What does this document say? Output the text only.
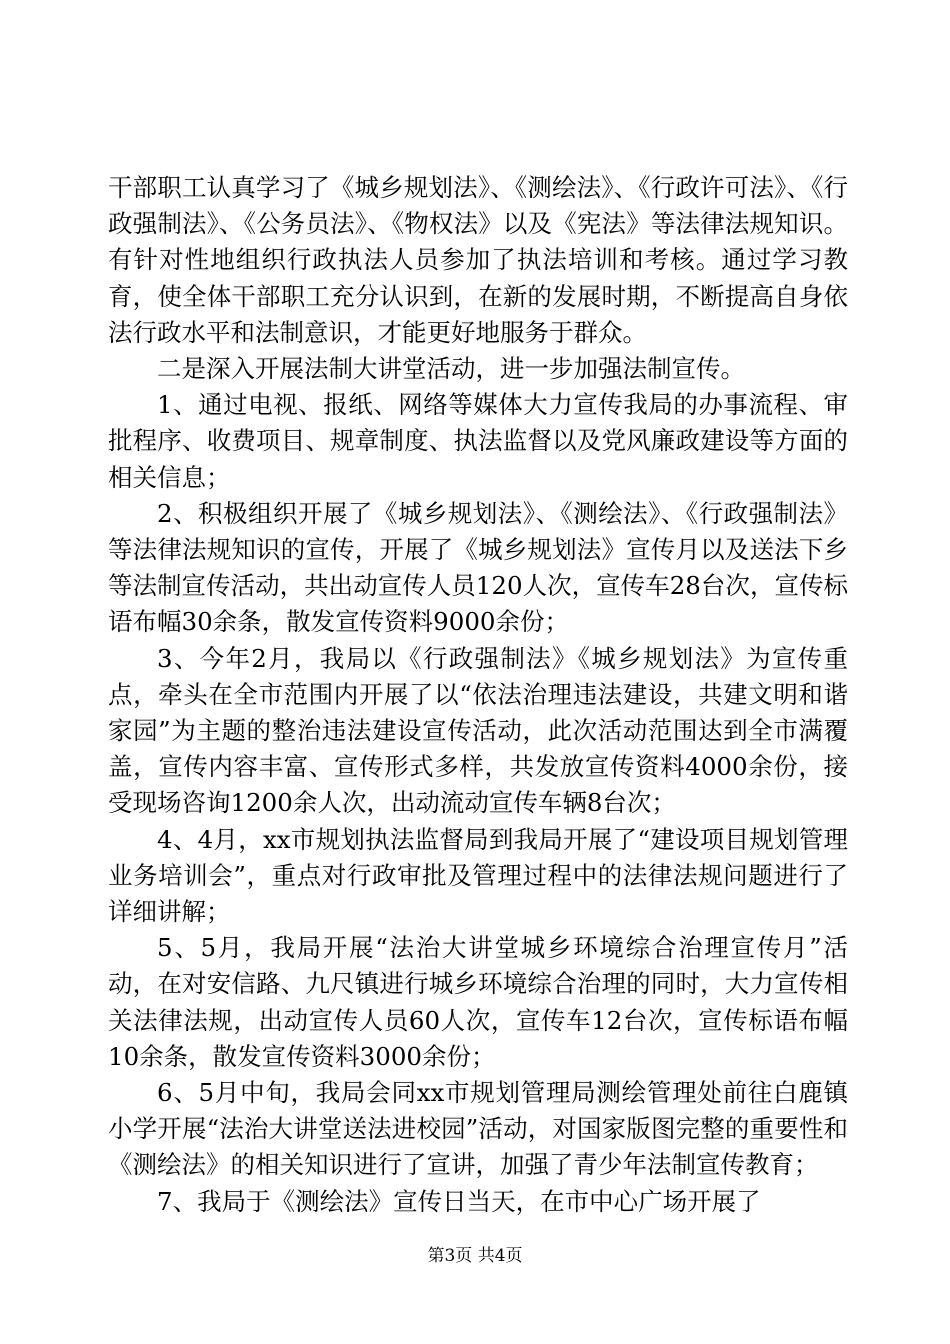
干部职工认真学习了《城乡规划法》、《测绘法》、《行政许可法》、《行政强制法》、《公务员法》、《物权法》以及《宪法》等法律法规知识。有针对性地组织行政执法人员参加了执法培训和考核。通过学习教育，使全体干部职工充分认识到，在新的发展时期，不断提高自身依法行政水平和法制意识，才能更好地服务于群众。

二是深入开展法制大讲堂活动，进一步加强法制宣传。

1、通过电视、报纸、网络等媒体大力宣传我局的办事流程、审批程序、收费项目、规章制度、执法监督以及党风廉政建设等方面的相关信息；

2、积极组织开展了《城乡规划法》、《测绘法》、《行政强制法》等法律法规知识的宣传，开展了《城乡规划法》宣传月以及送法下乡等法制宣传活动，共出动宣传人员120人次，宣传车28台次，宣传标语布幅30余条，散发宣传资料9000余份；

3、今年2月，我局以《行政强制法》《城乡规划法》为宣传重点，牵头在全市范围内开展了以“依法治理违法建设，共建文明和谐家园”为主题的整治违法建设宣传活动，此次活动范围达到全市满覆盖，宣传内容丰富、宣传形式多样，共发放宣传资料4000余份，接受现场咨询1200余人次，出动流动宣传车辆8台次；

4、4月，xx市规划执法监督局到我局开展了“建设项目规划管理业务培训会”，重点对行政审批及管理过程中的法律法规问题进行了详细讲解；

5、5月，我局开展“法治大讲堂城乡环境综合治理宣传月”活动，在对安信路、九尺镇进行城乡环境综合治理的同时，大力宣传相关法律法规，出动宣传人员60人次，宣传车12台次，宣传标语布幅10余条，散发宣传资料3000余份；

6、5月中旬，我局会同xx市规划管理局测绘管理处前往白鹿镇小学开展“法治大讲堂送法进校园”活动，对国家版图完整的重要性和《测绘法》的相关知识进行了宣讲，加强了青少年法制宣传教育；

7、我局于《测绘法》宣传日当天，在市中心广场开展了

第3页 共4页
